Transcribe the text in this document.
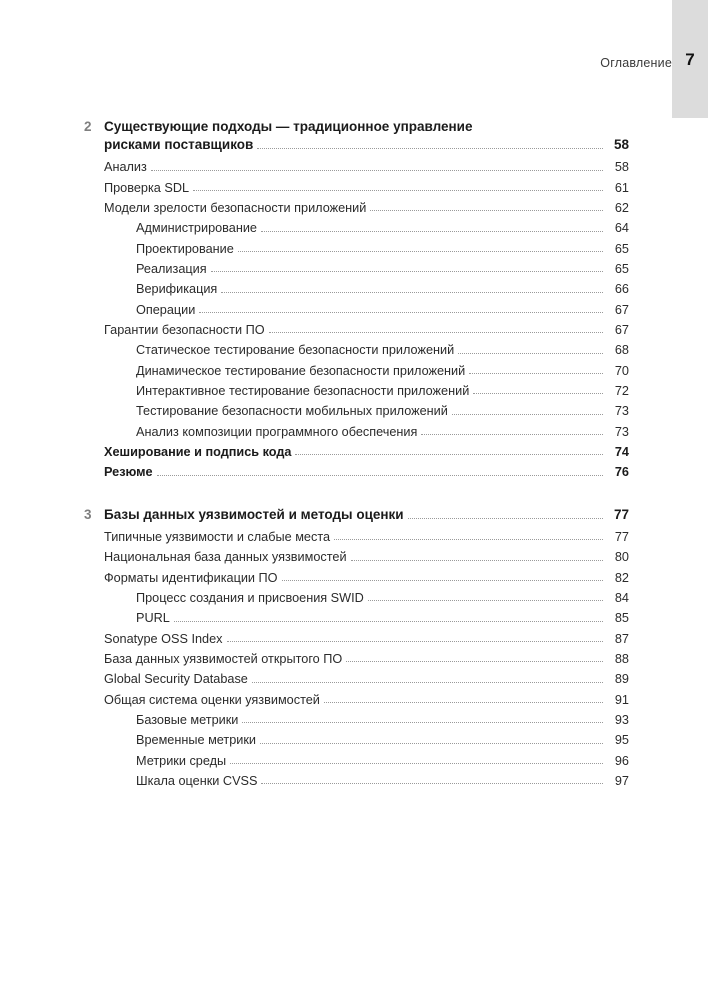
Оглавление 7
2 Существующие подходы — традиционное управление
рисками поставщиков	58
Анализ	58
Проверка SDL	61
Модели зрелости безопасности приложений	62
Администрирование	64
Проектирование	65
Реализация	65
Верификация	66
Операции	67
Гарантии безопасности ПО	67
Статическое тестирование безопасности приложений	68
Динамическое тестирование безопасности приложений	70
Интерактивное тестирование безопасности приложений	72
Тестирование безопасности мобильных приложений	73
Анализ композиции программного обеспечения	73
Хеширование и подпись кода	74
Резюме	76
3 Базы данных уязвимостей и методы оценки	77
Типичные уязвимости и слабые места	77
Национальная база данных уязвимостей	80
Форматы идентификации ПО	82
Процесс создания и присвоения SWID	84
PURL	85
Sonatype OSS Index	87
База данных уязвимостей открытого ПО	88
Global Security Database	89
Общая система оценки уязвимостей	91
Базовые метрики	93
Временные метрики	95
Метрики среды	96
Шкала оценки CVSS	97
